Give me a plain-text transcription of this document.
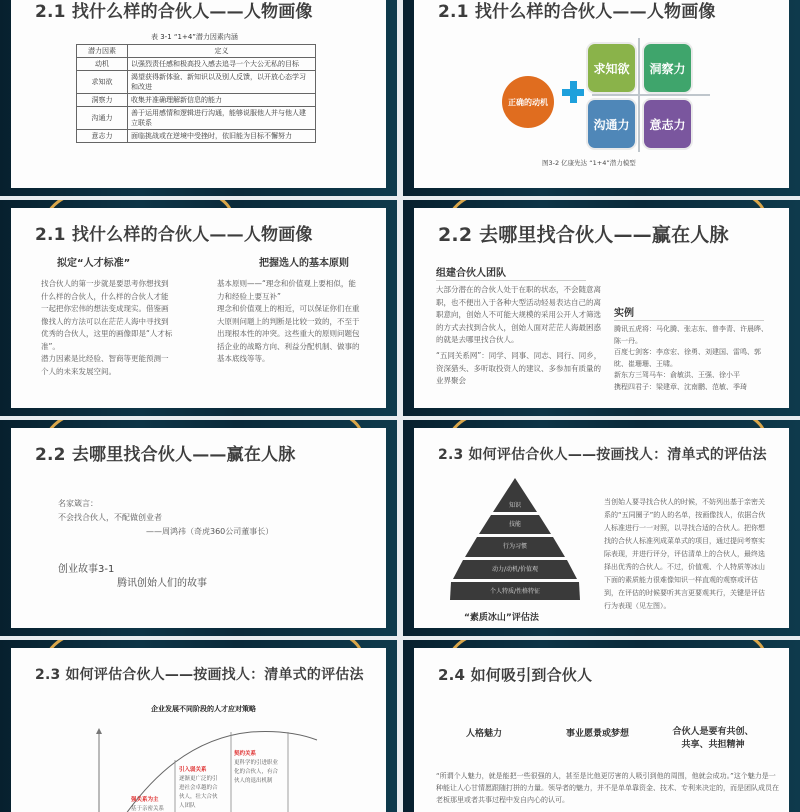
2.1 找什么样的合伙人——人物画像
表 3-1 “1+4”潜力因素内涵
潜力因素	定义
动机	以强烈责任感和极高投入感去追寻一个大公无私的目标
求知欲	渴望获得新体验、新知识以及别人反馈，以开放心态学习和改进
洞察力	收集并准确理解新信息的能力
沟通力	善于运用感情和逻辑进行沟通，能够说服他人并与他人建立联系
意志力	面临挑战或在逆境中受挫时，依旧能为目标不懈努力
2.1 找什么样的合伙人——人物画像
正确的动机
求知欲	洞察力
沟通力	意志力
图3-2 亿康先达 “1+4”潜力模型
2.1 找什么样的合伙人——人物画像
拟定“人才标准”
找合伙人的第一步就是要思考你想找到什么样的合伙人，什么样的合伙人才能一起把你宏伟的想法变成现实。借鉴画像找人的方法可以在茫茫人海中寻找到优秀的合伙人，这里的画像即是“人才标准”。
潜力因素是比经验、智商等更能预测一个人的未来发展空间。
把握选人的基本原则
基本原则——“理念和价值观上要相似，能力和经验上要互补”
理念和价值观上的相近，可以保证你们在重大原则问题上的判断是比较一致的，不至于出现根本性的冲突。这些重大的原则问题包括企业的战略方向、利益分配机制、做事的基本底线等等。
2.2 去哪里找合伙人——赢在人脉
组建合伙人团队
大部分潜在的合伙人处于在职的状态，不会随意离职，也不便出入于各种大型活动轻易表达自己的离职意向，创始人不可能大规模的采用公开人才筛选的方式去找到合伙人，创始人面对茫茫人海最困惑的就是去哪里找合伙人。
“五同关系网”：同学、同事、同志、同行、同乡，资深猎头、多听取投资人的建议、多参加有质量的业界聚会
实例
腾讯五虎将：马化腾、张志东、曾李青、许晨晔、陈一丹。
百度七剑客：李彦宏、徐勇、刘建国、雷鸣、郭眈、崔珊珊、王啸。
新东方三驾马车：俞敏洪、王强、徐小平
携程四君子：梁建章、沈南鹏、范敏、季琦
2.2 去哪里找合伙人——赢在人脉
名家箴言：
不会找合伙人，不配做创业者
——周鸿祎（奇虎360公司董事长）
创业故事3-1
腾讯创始人们的故事
2.3 如何评估合伙人——按画找人：清单式的评估法
知识
技能
行为习惯
动力/动机/价值观
个人特质/性格特征
“素质冰山”评估法
当创始人要寻找合伙人的时候，不妨列出基于亲密关系的“五同圈子”的人的名单，按画像找人，依据合伙人标准进行一一对照，以寻找合适的合伙人。把你想找的合伙人标准列成菜单式的项目，通过提问考察实际表现，并进行评分，评估清单上的合伙人，最终选择出优秀的合伙人。不过，价值观、个人特质等冰山下面的素质能力很难像知识一样直观的观察或评估到，在评估的时候要听其言更要观其行，关键是评估行为表现（见左图）。
2.3 如何评估合伙人——按画找人：清单式的评估法
企业发展不同阶段的人才应对策略
强关系为主
基于亲密关系
引入弱关系
逐渐更广泛的引进社会卓越的合伙人，壮大合伙人团队
契约关系
更科学的引进职业化的合伙人，有合伙人的退出机制
2.4 如何吸引到合伙人
人格魅力	事业愿景或梦想	合伙人是要有共创、共享、共担精神
“所谓个人魅力，就是能把一些很强的人，甚至是比他更厉害的人吸引到他的周围，他就会成功。”这个魅力是一种能让人心甘情愿跟随打拼的力量。领导者的魅力，并不是单单靠资金、技术、专利来决定的，而是团队成员在老板那里或者共事过程中发自内心的认可。
